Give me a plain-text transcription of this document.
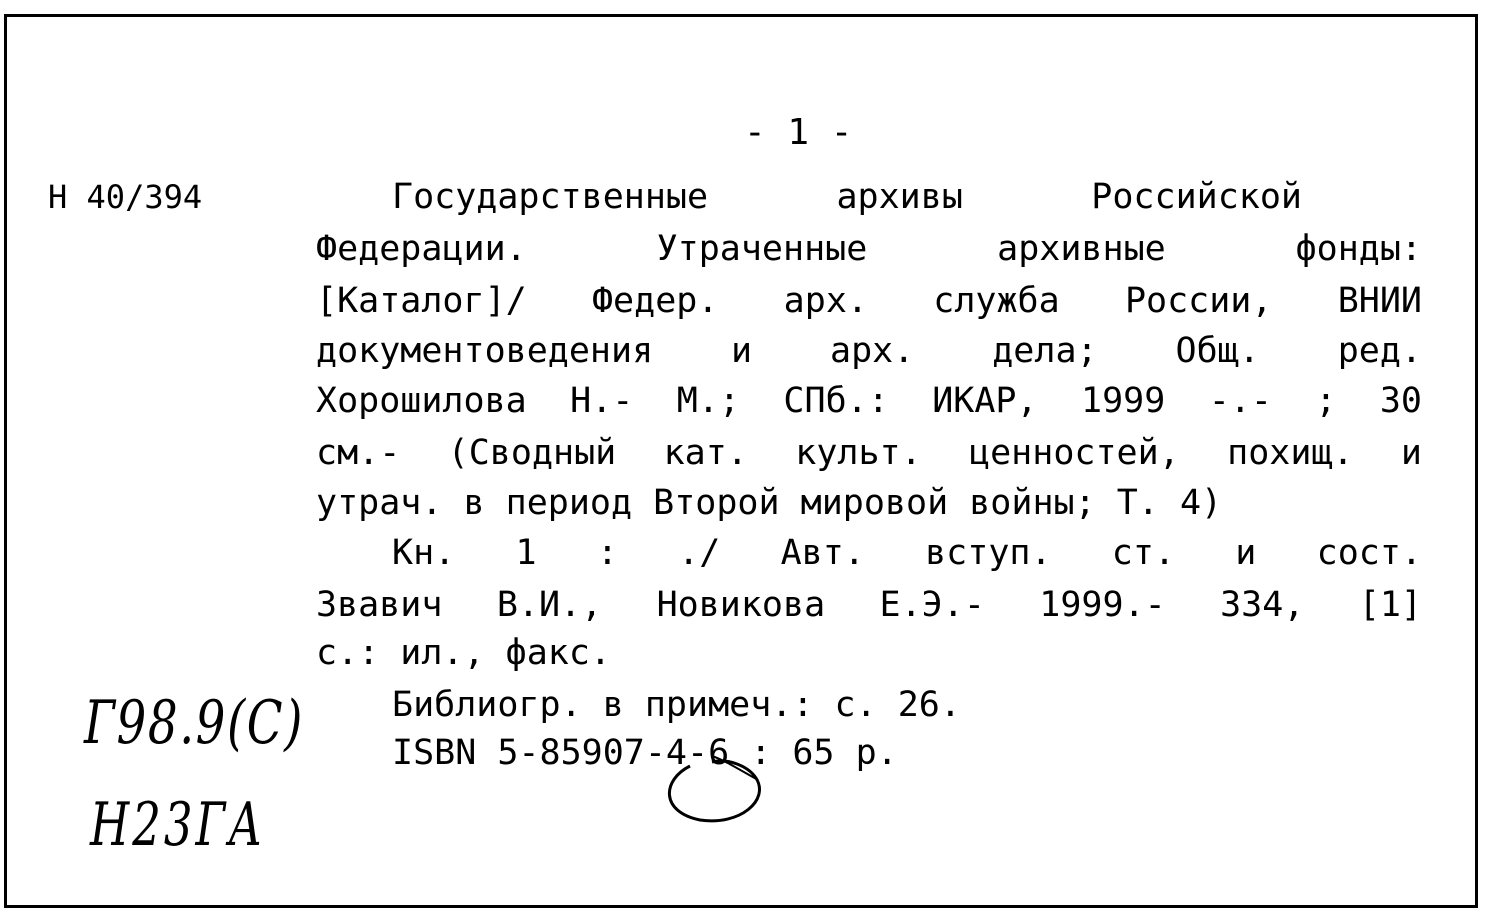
- 1 -
Н 40/394	Государственные архивы Российской
Федерации. Утраченные архивные фонды:
[Каталог]/ Федер. арх. служба России, ВНИИ
документоведения и арх. дела; Общ. ред.
Хорошилова Н.- М.; СПб.: ИКАР, 1999 -.- ; 30
см.- (Сводный кат. культ. ценностей, похищ. и
утрач. в период Второй мировой войны; Т. 4)
Кн. 1 : ./ Авт. вступ. ст. и сост.
Звавич В.И., Новикова Е.Э.- 1999.- 334, [1]
с.: ил., факс.
Библиогр. в примеч.: с. 26.
ISBN 5-85907-4-6 : 65 р.
Г98.9(С)
Н23ГА
